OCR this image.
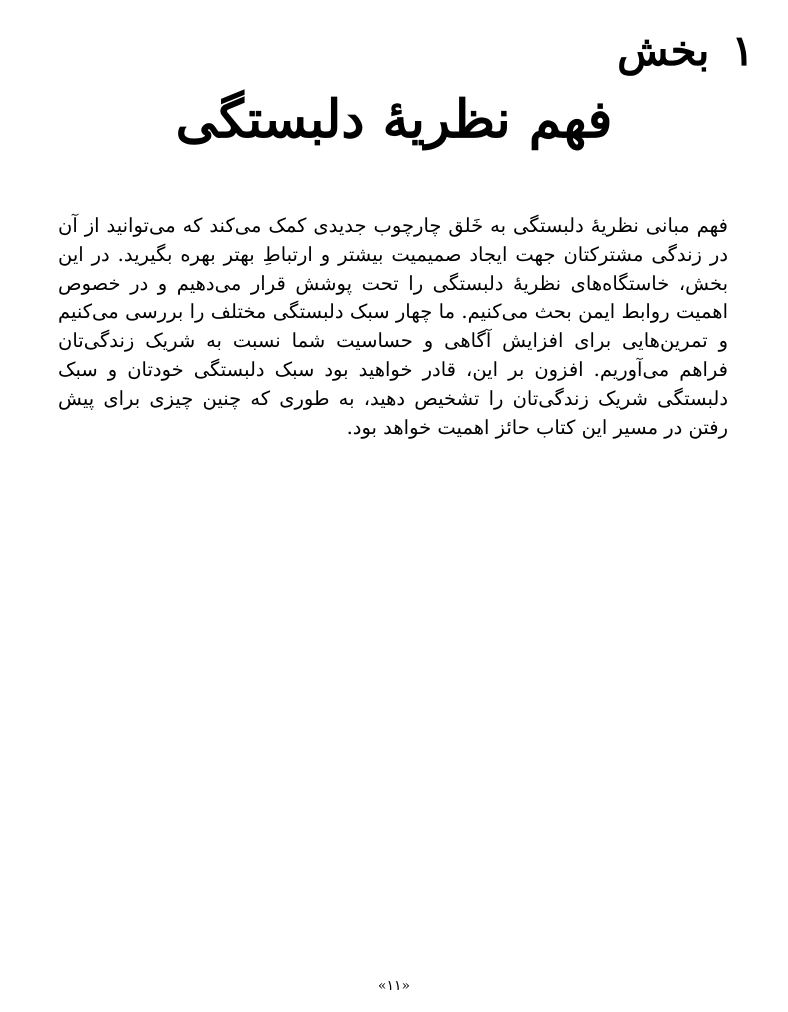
بخش ۱
فهم نظریهٔ دلبستگی

فهم مبانی نظریهٔ دلبستگی به خَلق چارچوب جدیدی کمک می‌کند که می‌توانید از آن در زندگی مشترکتان جهت ایجاد صمیمیت بیشتر و ارتباطِ بهتر بهره بگیرید. در این بخش، خاستگاه‌های نظریهٔ دلبستگی را تحت پوشش قرار می‌دهیم و در خصوص اهمیت روابط ایمن بحث می‌کنیم. ما چهار سبک دلبستگی مختلف را بررسی می‌کنیم و تمرین‌هایی برای افزایش آگاهی و حساسیت شما نسبت به شریک زندگی‌تان فراهم می‌آوریم. افزون بر این، قادر خواهید بود سبک دلبستگی خودتان و سبک دلبستگی شریک زندگی‌تان را تشخیص دهید، به طوری که چنین چیزی برای پیش رفتن در مسیر این کتاب حائز اهمیت خواهد بود.

«۱۱»
